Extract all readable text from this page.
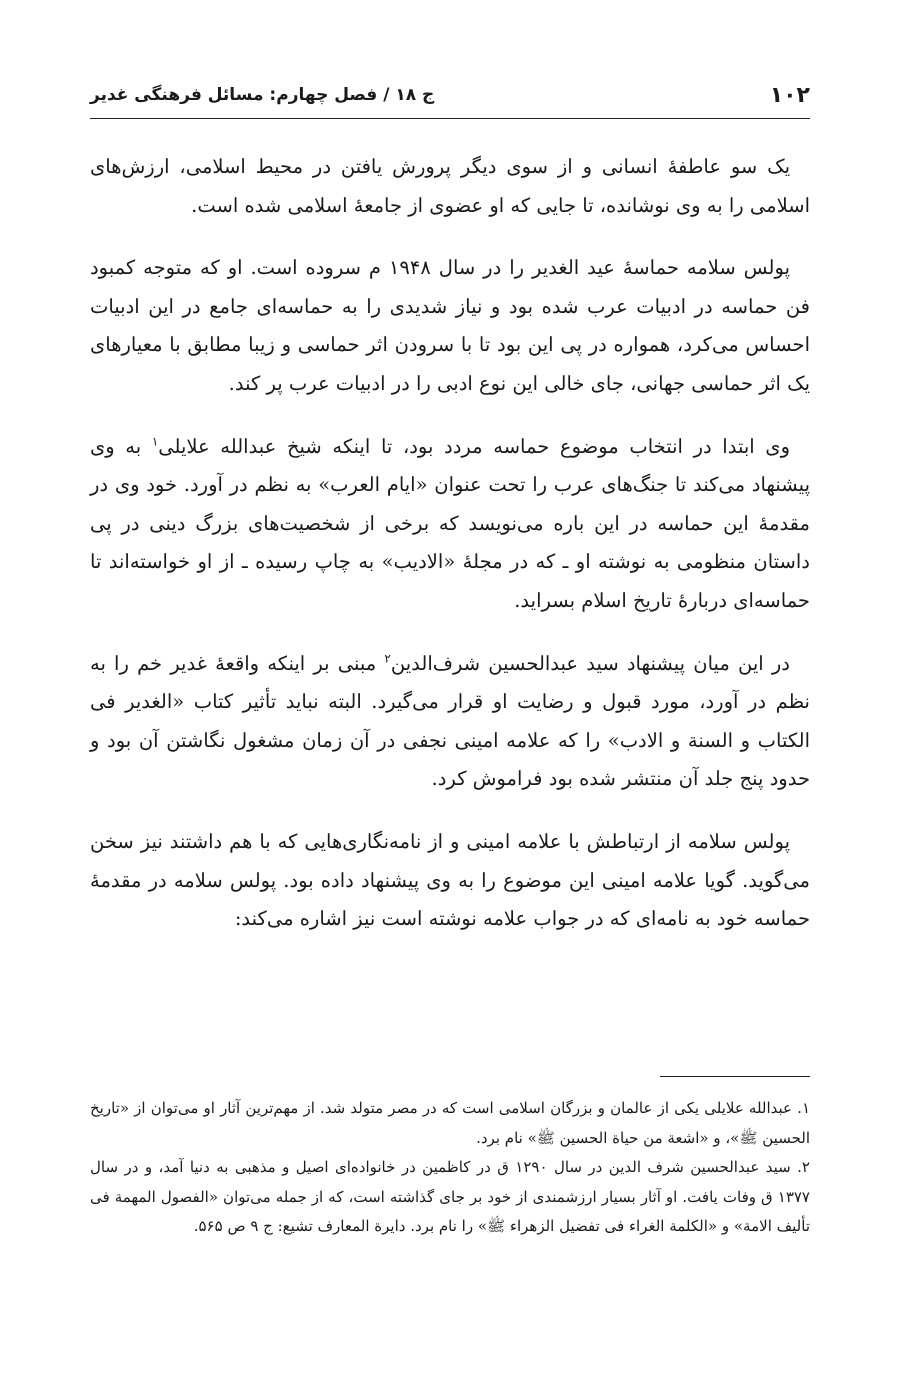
۱۰۲
ج ۱۸ / فصل چهارم: مسائل فرهنگی غدیر

یک سو عاطفهٔ انسانی و از سوی دیگر پرورش یافتن در محیط اسلامی، ارزش‌های اسلامی را به وی نوشانده، تا جایی که او عضوی از جامعهٔ اسلامی شده است.

پولس سلامه حماسهٔ عید الغدیر را در سال ۱۹۴۸ م سروده است. او که متوجه کمبود فن حماسه در ادبیات عرب شده بود و نیاز شدیدی را به حماسه‌ای جامع در این ادبیات احساس می‌کرد، همواره در پی این بود تا با سرودن اثر حماسی و زیبا مطابق با معیارهای یک اثر حماسی جهانی، جای خالی این نوع ادبی را در ادبیات عرب پر کند.

وی ابتدا در انتخاب موضوع حماسه مردد بود، تا اینکه شیخ عبدالله علایلی$^۱$ به وی پیشنهاد می‌کند تا جنگ‌های عرب را تحت عنوان «ایام العرب» به نظم در آورد. خود وی در مقدمهٔ این حماسه در این باره می‌نویسد که برخی از شخصیت‌های بزرگ دینی در پی داستان منظومی به نوشته او ـ که در مجلهٔ «الادیب» به چاپ رسیده ـ از او خواسته‌اند تا حماسه‌ای دربارهٔ تاریخ اسلام بسراید.

در این میان پیشنهاد سید عبدالحسین شرف‌الدین$^۲$ مبنی بر اینکه واقعهٔ غدیر خم را به نظم در آورد، مورد قبول و رضایت او قرار می‌گیرد. البته نباید تأثیر کتاب «الغدیر فی الکتاب و السنة و الادب» را که علامه امینی نجفی در آن زمان مشغول نگاشتن آن بود و حدود پنج جلد آن منتشر شده بود فراموش کرد.

پولس سلامه از ارتباطش با علامه امینی و از نامه‌نگاری‌هایی که با هم داشتند نیز سخن می‌گوید. گویا علامه امینی این موضوع را به وی پیشنهاد داده بود. پولس سلامه در مقدمهٔ حماسه خود به نامه‌ای که در جواب علامه نوشته است نیز اشاره می‌کند:

۱. عبدالله علایلی یکی از عالمان و بزرگان اسلامی است که در مصر متولد شد. از مهم‌ترین آثار او می‌توان از «تاریخ الحسین ﷺ»، و «اشعة من حیاة الحسین ﷺ» نام برد.

۲. سید عبدالحسین شرف الدین در سال ۱۲۹۰ ق در کاظمین در خانواده‌ای اصیل و مذهبی به دنیا آمد، و در سال ۱۳۷۷ ق وفات یافت. او آثار بسیار ارزشمندی از خود بر جای گذاشته است، که از جمله می‌توان «الفصول المهمة فی تألیف الامة» و «الکلمة الغراء فی تفضیل الزهراء ﷺ» را نام برد. دایرة المعارف تشیع: ج ۹ ص ۵۶۵.
